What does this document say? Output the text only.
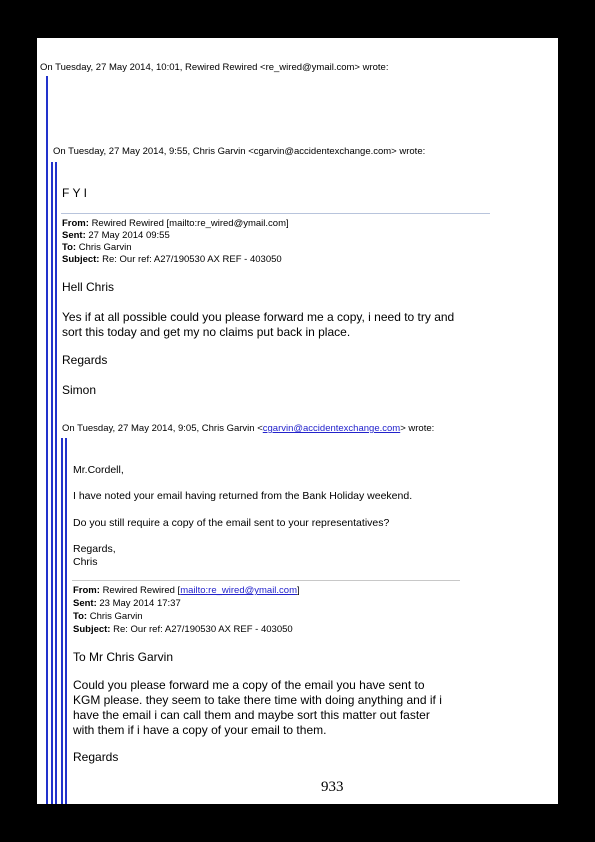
On Tuesday, 27 May 2014, 10:01, Rewired Rewired <re_wired@ymail.com> wrote:

On Tuesday, 27 May 2014, 9:55, Chris Garvin <cgarvin@accidentexchange.com> wrote:

F Y I

From: Rewired Rewired [mailto:re_wired@ymail.com]

Sent: 27 May 2014 09:55

To: Chris Garvin

Subject: Re: Our ref: A27/190530 AX REF - 403050

Hell Chris

Yes if at all possible could you please forward me a copy, i need to try and

sort this today and get my no claims put back in place.

Regards

Simon

On Tuesday, 27 May 2014, 9:05, Chris Garvin <cgarvin@accidentexchange.com> wrote:

Mr.Cordell,

I have noted your email having returned from the Bank Holiday weekend.

Do you still require a copy of the email sent to your representatives?

Regards,

Chris

From: Rewired Rewired [mailto:re_wired@ymail.com]

Sent: 23 May 2014 17:37

To: Chris Garvin

Subject: Re: Our ref: A27/190530 AX REF - 403050

To Mr Chris Garvin

Could you please forward me a copy of the email you have sent to

KGM please. they seem to take there time with doing anything and if i

have the email i can call them and maybe sort this matter out faster

with them if i have a copy of your email to them.

Regards

933
